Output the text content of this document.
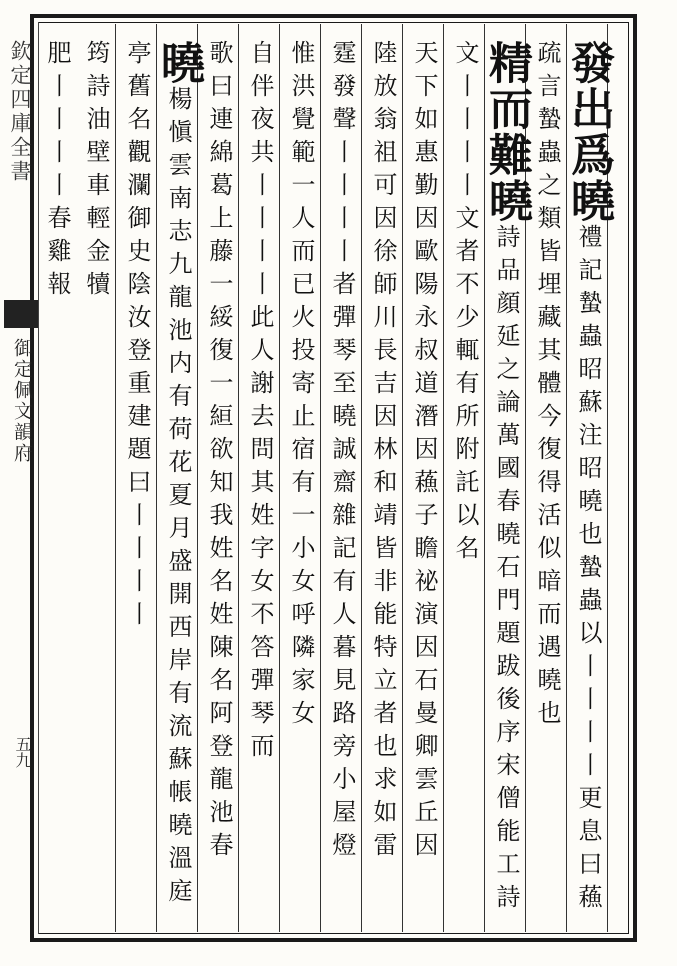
欽定四庫全書
御定佩文韻府
五九
發出爲曉禮記蟄蟲昭蘇注昭曉也蟄蟲以丨丨丨丨更息曰蘓
疏言蟄蟲之類皆埋藏其體今復得活似暗而遇曉也
精而難曉詩品顔延之論萬國春曉石門題跋後序宋僧能工詩
文丨丨丨丨文者不少輒有所附託以名
天下如惠勤因歐陽永叔道潛因蘓子瞻祕演因石曼卿雲丘因
陸放翁祖可因徐師川長吉因林和靖皆非能特立者也求如雷
霆發聲丨丨丨丨者彈琴至曉誠齋雜記有人暮見路旁小屋燈
惟洪覺範一人而已火投寄止宿有一小女呼隣家女
自伴夜共丨丨丨丨此人謝去問其姓字女不答彈琴而
歌曰連綿葛上藤一綏復一絙欲知我姓名姓陳名阿登龍池春
曉楊愼雲南志九龍池内有荷花夏月盛開西岸有流蘇帳曉溫庭
亭舊名觀瀾御史陰汝登重建題曰丨丨丨丨
筠詩油壁車輕金犢
肥丨丨丨丨春雞報
